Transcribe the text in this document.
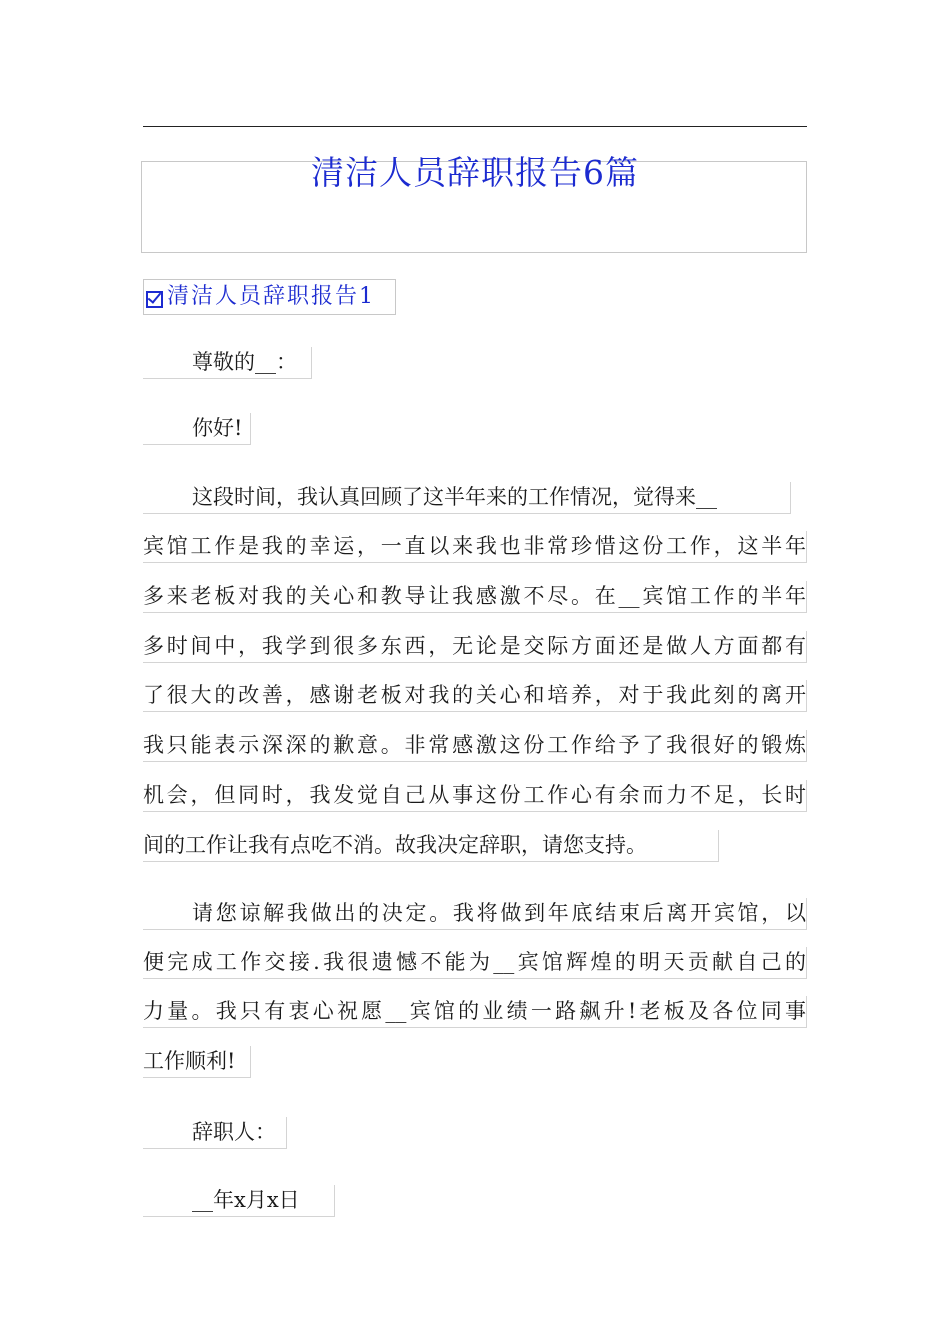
清洁人员辞职报告6篇
清洁人员辞职报告1
尊敬的__：
你好!
这段时间，我认真回顾了这半年来的工作情况，觉得来__
宾馆工作是我的幸运，一直以来我也非常珍惜这份工作，这半年
多来老板对我的关心和教导让我感激不尽。在__宾馆工作的半年
多时间中，我学到很多东西，无论是交际方面还是做人方面都有
了很大的改善，感谢老板对我的关心和培养，对于我此刻的离开
我只能表示深深的歉意。非常感激这份工作给予了我很好的锻炼
机会，但同时，我发觉自己从事这份工作心有余而力不足，长时
间的工作让我有点吃不消。故我决定辞职，请您支持。
请您谅解我做出的决定。我将做到年底结束后离开宾馆，以
便完成工作交接.我很遗憾不能为__宾馆辉煌的明天贡献自己的
力量。我只有衷心祝愿__宾馆的业绩一路飙升!老板及各位同事
工作顺利!
辞职人：
__年x月x日
